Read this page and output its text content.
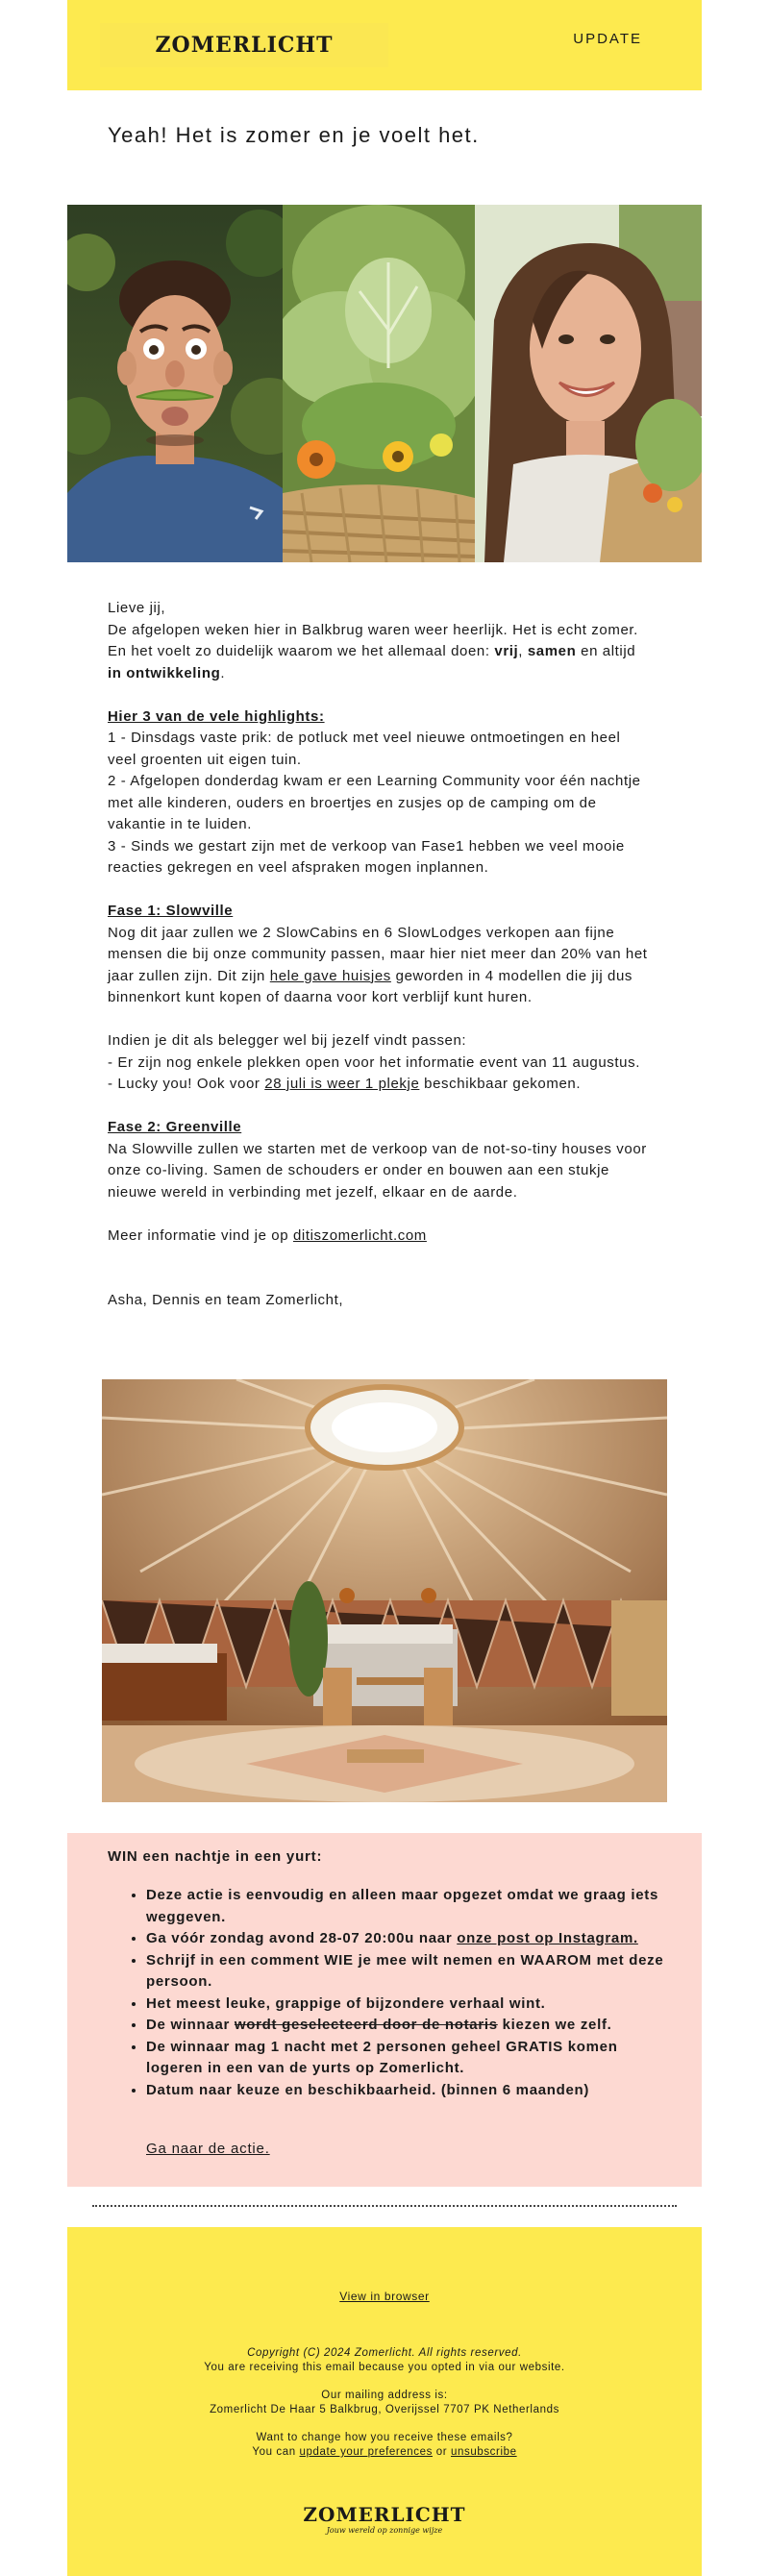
ZOMERLICHT	UPDATE
Yeah! Het is zomer en je voelt het.

Lieve jij,

De afgelopen weken hier in Balkbrug waren weer heerlijk. Het is echt zomer. En het voelt zo duidelijk waarom we het allemaal doen: vrij, samen en altijd in ontwikkeling.

Hier 3 van de vele highlights:

1 - Dinsdags vaste prik: de potluck met veel nieuwe ontmoetingen en heel veel groenten uit eigen tuin.

2 - Afgelopen donderdag kwam er een Learning Community voor één nachtje met alle kinderen, ouders en broertjes en zusjes op de camping om de vakantie in te luiden.

3 - Sinds we gestart zijn met de verkoop van Fase1 hebben we veel mooie reacties gekregen en veel afspraken mogen inplannen.

Fase 1: Slowville

Nog dit jaar zullen we 2 SlowCabins en 6 SlowLodges verkopen aan fijne mensen die bij onze community passen, maar hier niet meer dan 20% van het jaar zullen zijn. Dit zijn hele gave huisjes geworden in 4 modellen die jij dus binnenkort kunt kopen of daarna voor kort verblijf kunt huren.

Indien je dit als belegger wel bij jezelf vindt passen:

- Er zijn nog enkele plekken open voor het informatie event van 11 augustus.

- Lucky you! Ook voor 28 juli is weer 1 plekje beschikbaar gekomen.

Fase 2: Greenville

Na Slowville zullen we starten met de verkoop van de not-so-tiny houses voor onze co-living. Samen de schouders er onder en bouwen aan een stukje nieuwe wereld in verbinding met jezelf, elkaar en de aarde.

Meer informatie vind je op ditiszomerlicht.com

Asha, Dennis en team Zomerlicht,

WIN een nachtje in een yurt:
• Deze actie is eenvoudig en alleen maar opgezet omdat we graag iets weggeven.
• Ga vóór zondag avond 28-07 20:00u naar onze post op Instagram.
• Schrijf in een comment WIE je mee wilt nemen en WAAROM met deze persoon.
• Het meest leuke, grappige of bijzondere verhaal wint.
• De winnaar wordt geselecteerd door de notaris kiezen we zelf.
• De winnaar mag 1 nacht met 2 personen geheel GRATIS komen logeren in een van de yurts op Zomerlicht.
• Datum naar keuze en beschikbaarheid. (binnen 6 maanden)
Ga naar de actie.
View in browser
Copyright (C) 2024 Zomerlicht. All rights reserved.
You are receiving this email because you opted in via our website.
Our mailing address is:
Zomerlicht De Haar 5 Balkbrug, Overijssel 7707 PK Netherlands
Want to change how you receive these emails?
You can update your preferences or unsubscribe
ZOMERLICHT
Jouw wereld op zonnige wijze
